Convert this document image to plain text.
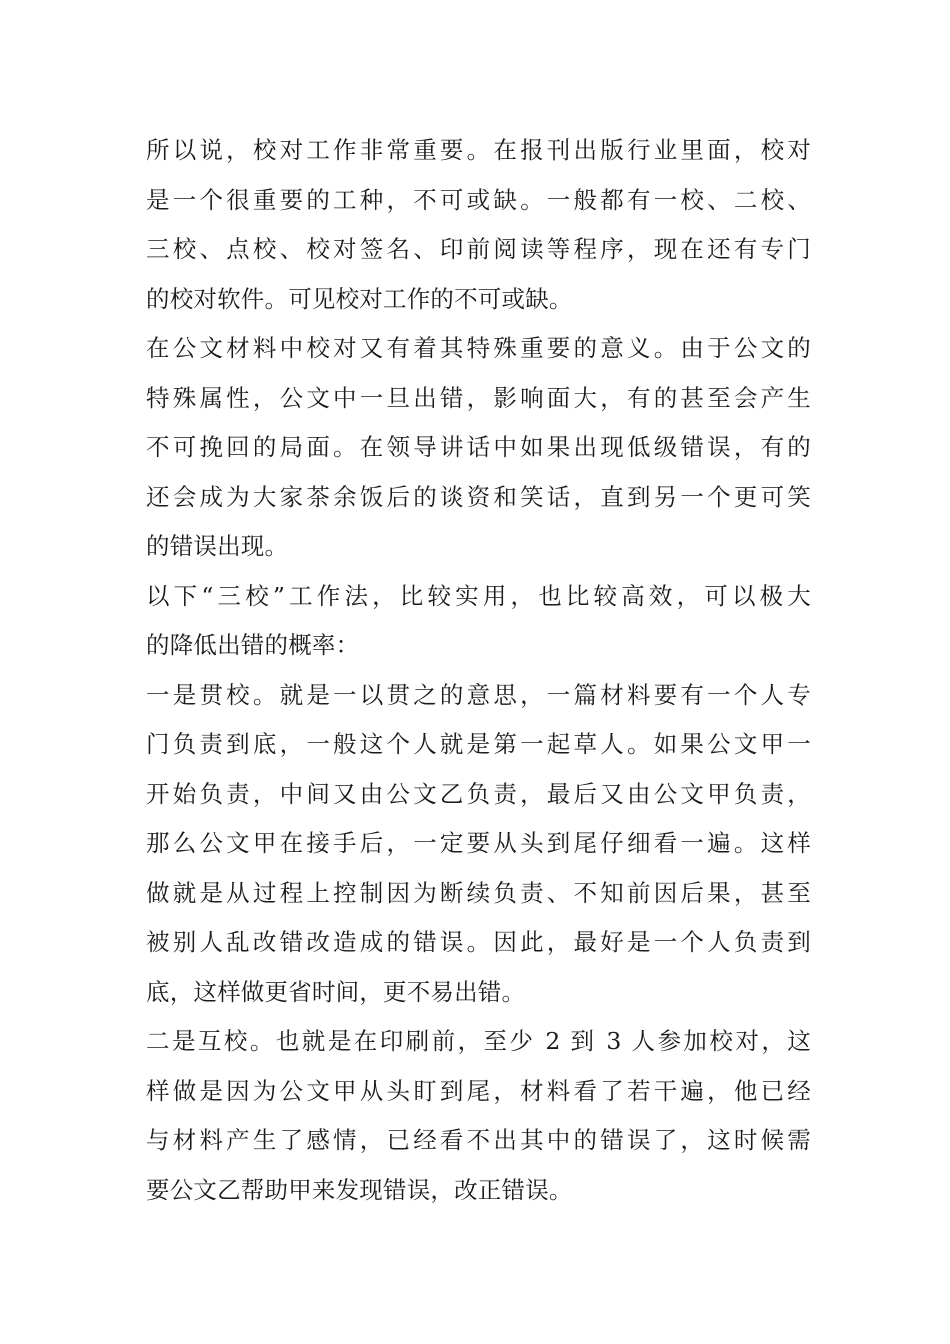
所以说，校对工作非常重要。在报刊出版行业里面，校对
是一个很重要的工种，不可或缺。一般都有一校、二校、
三校、点校、校对签名、印前阅读等程序，现在还有专门
的校对软件。可见校对工作的不可或缺。
在公文材料中校对又有着其特殊重要的意义。由于公文的
特殊属性，公文中一旦出错，影响面大，有的甚至会产生
不可挽回的局面。在领导讲话中如果出现低级错误，有的
还会成为大家茶余饭后的谈资和笑话，直到另一个更可笑
的错误出现。
以下“三校”工作法，比较实用，也比较高效，可以极大
的降低出错的概率：
一是贯校。就是一以贯之的意思，一篇材料要有一个人专
门负责到底，一般这个人就是第一起草人。如果公文甲一
开始负责，中间又由公文乙负责，最后又由公文甲负责，
那么公文甲在接手后，一定要从头到尾仔细看一遍。这样
做就是从过程上控制因为断续负责、不知前因后果，甚至
被别人乱改错改造成的错误。因此，最好是一个人负责到
底，这样做更省时间，更不易出错。
二是互校。也就是在印刷前，至少 2 到 3 人参加校对，这
样做是因为公文甲从头盯到尾，材料看了若干遍，他已经
与材料产生了感情，已经看不出其中的错误了，这时候需
要公文乙帮助甲来发现错误，改正错误。
